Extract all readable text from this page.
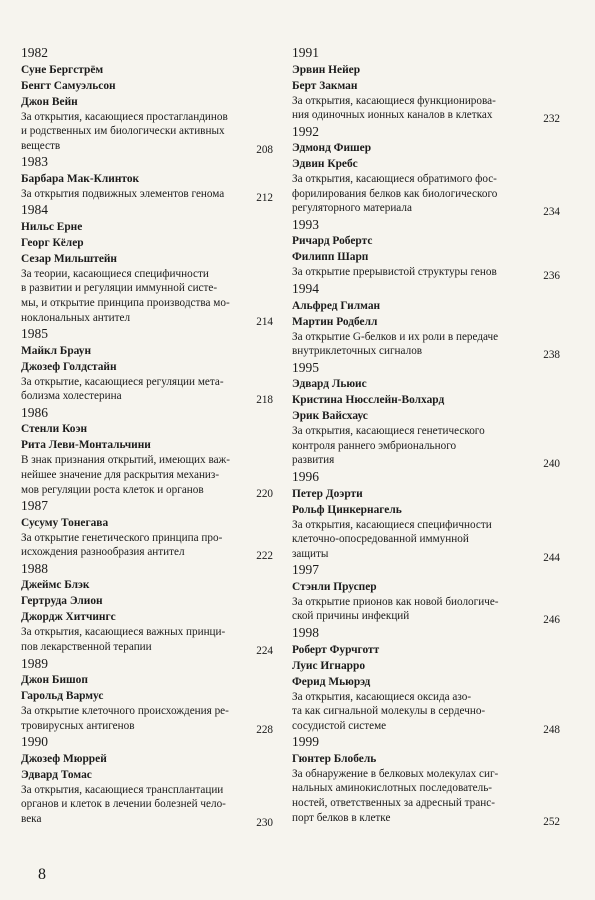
1982
Суне Бергстрём
Бенгт Самуэльсон
Джон Вейн
За открытия, касающиеся простагландинов
и родственных им биологически активных
веществ	208
1983
Барбара Мак-Клинток
За открытия подвижных элементов генома	212
1984
Нильс Ерне
Георг Кёлер
Сезар Мильштейн
За теории, касающиеся специфичности
в развитии и регуляции иммунной систе-
мы, и открытие принципа производства мо-
ноклональных антител	214
1985
Майкл Браун
Джозеф Голдстайн
За открытие, касающиеся регуляции мета-
болизма холестерина	218
1986
Стенли Коэн
Рита Леви-Монтальчини
В знак признания открытий, имеющих важ-
нейшее значение для раскрытия механиз-
мов регуляции роста клеток и органов	220
1987
Сусуму Тонегава
За открытие генетического принципа про-
исхождения разнообразия антител	222
1988
Джеймс Блэк
Гертруда Элион
Джордж Хитчингс
За открытия, касающиеся важных принци-
пов лекарственной терапии	224
1989
Джон Бишоп
Гарольд Вармус
За открытие клеточного происхождения ре-
тровирусных антигенов	228
1990
Джозеф Мюррей
Эдвард Томас
За открытия, касающиеся трансплантации
органов и клеток в лечении болезней чело-
века	230
1991
Эрвин Нейер
Берт Закман
За открытия, касающиеся функционирова-
ния одиночных ионных каналов в клетках	232
1992
Эдмонд Фишер
Эдвин Кребс
За открытия, касающиеся обратимого фос-
форилирования белков как биологического
регуляторного материала	234
1993
Ричард Робертс
Филипп Шарп
За открытие прерывистой структуры генов	236
1994
Альфред Гилман
Мартин Родбелл
За открытие G-белков и их роли в передаче
внутриклеточных сигналов	238
1995
Эдвард Льюис
Кристина Нюсслейн-Волхард
Эрик Вайсхаус
За открытия, касающиеся генетического
контроля раннего эмбрионального
развития	240
1996
Петер Доэрти
Рольф Цинкернагель
За открытия, касающиеся специфичности
клеточно-опосредованной иммунной
защиты	244
1997
Стэнли Пруспер
За открытие прионов как новой биологиче-
ской причины инфекций	246
1998
Роберт Фурчготт
Луис Игнарро
Ферид Мьюрэд
За открытия, касающиеся оксида азо-
та как сигнальной молекулы в сердечно-
сосудистой системе	248
1999
Гюнтер Блобель
За обнаружение в белковых молекулах сиг-
нальных аминокислотных последователь-
ностей, ответственных за адресный транс-
порт белков в клетке	252
8
